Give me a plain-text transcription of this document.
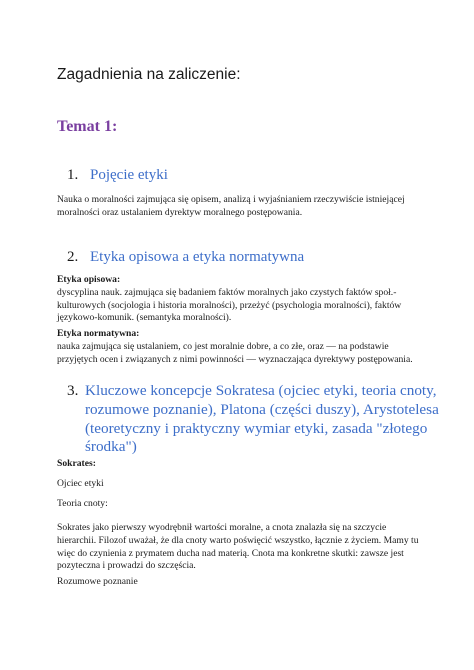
Zagadnienia na zaliczenie:
Temat 1:
1. Pojęcie etyki
Nauka o moralności zajmująca się opisem, analizą i wyjaśnianiem rzeczywiście istniejącej
moralności oraz ustalaniem dyrektyw moralnego postępowania.
2. Etyka opisowa a etyka normatywna
Etyka opisowa:
dyscyplina nauk. zajmująca się badaniem faktów moralnych jako czystych faktów społ.-
kulturowych (socjologia i historia moralności), przeżyć (psychologia moralności), faktów
językowo-komunik. (semantyka moralności).
Etyka normatywna:
nauka zajmująca się ustalaniem, co jest moralnie dobre, a co złe, oraz — na podstawie
przyjętych ocen i związanych z nimi powinności — wyznaczająca dyrektywy postępowania.
3. Kluczowe koncepcje Sokratesa (ojciec etyki, teoria cnoty,
rozumowe poznanie), Platona (części duszy), Arystotelesa
(teoretyczny i praktyczny wymiar etyki, zasada "złotego
środka")
Sokrates:
Ojciec etyki
Teoria cnoty:
Sokrates jako pierwszy wyodrębnił wartości moralne, a cnota znalazła się na szczycie
hierarchii. Filozof uważał, że dla cnoty warto poświęcić wszystko, łącznie z życiem. Mamy tu
więc do czynienia z prymatem ducha nad materią. Cnota ma konkretne skutki: zawsze jest
pozyteczna i prowadzi do szczęścia.
Rozumowe poznanie
